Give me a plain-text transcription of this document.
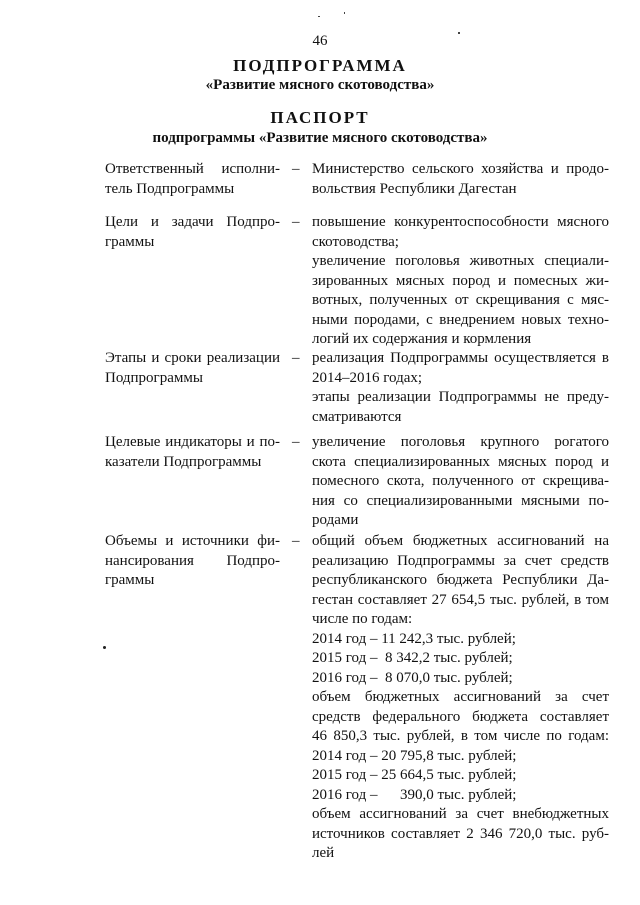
46
ПОДПРОГРАММА
«Развитие мясного скотоводства»
ПАСПОРТ
подпрограммы «Развитие мясного скотоводства»
Ответственный исполни-
тель Подпрограммы
– Министерство сельского хозяйства и продо-
вольствия Республики Дагестан
Цели и задачи Подпро-
граммы
– повышение конкурентоспособности мясного
скотоводства;
увеличение поголовья животных специали-
зированных мясных пород и помесных жи-
вотных, полученных от скрещивания с мяс-
ными породами, с внедрением новых техно-
логий их содержания и кормления
Этапы и сроки реализации
Подпрограммы
– реализация Подпрограммы осуществляется в
2014–2016 годах;
этапы реализации Подпрограммы не преду-
сматриваются
Целевые индикаторы и по-
казатели Подпрограммы
– увеличение поголовья крупного рогатого
скота специализированных мясных пород и
помесного скота, полученного от скрещива-
ния со специализированными мясными по-
родами
Объемы и источники фи-
нансирования Подпро-
граммы
– общий объем бюджетных ассигнований на
реализацию Подпрограммы за счет средств
республиканского бюджета Республики Да-
гестан составляет 27 654,5 тыс. рублей, в том
числе по годам:
2014 год – 11 242,3 тыс. рублей;
2015 год –  8 342,2 тыс. рублей;
2016 год –  8 070,0 тыс. рублей;
объем бюджетных ассигнований за счет
средств федерального бюджета составляет
46 850,3 тыс. рублей, в том числе по годам:
2014 год – 20 795,8 тыс. рублей;
2015 год – 25 664,5 тыс. рублей;
2016 год –      390,0 тыс. рублей;
объем ассигнований за счет внебюджетных
источников составляет 2 346 720,0 тыс. руб-
лей
